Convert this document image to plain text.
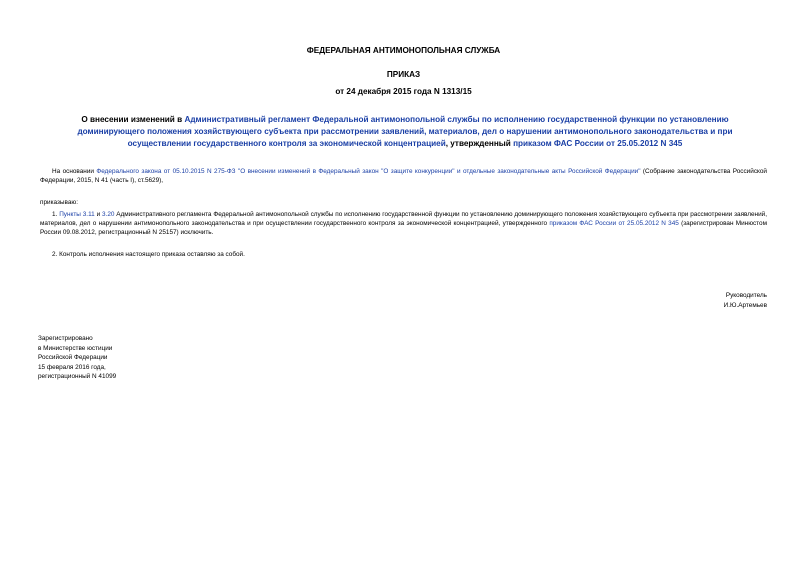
ФЕДЕРАЛЬНАЯ АНТИМОНОПОЛЬНАЯ СЛУЖБА
ПРИКАЗ
от 24 декабря 2015 года N 1313/15
О внесении изменений в Административный регламент Федеральной антимонопольной службы по исполнению государственной функции по установлению доминирующего положения хозяйствующего субъекта при рассмотрении заявлений, материалов, дел о нарушении антимонопольного законодательства и при осуществлении государственного контроля за экономической концентрацией, утвержденный приказом ФАС России от 25.05.2012 N 345
На основании Федерального закона от 05.10.2015 N 275-ФЗ "О внесении изменений в Федеральный закон "О защите конкуренции" и отдельные законодательные акты Российской Федерации" (Собрание законодательства Российской Федерации, 2015, N 41 (часть I), ст.5629),
приказываю:
1. Пункты 3.11 и 3.20 Административного регламента Федеральной антимонопольной службы по исполнению государственной функции по установлению доминирующего положения хозяйствующего субъекта при рассмотрении заявлений, материалов, дел о нарушении антимонопольного законодательства и при осуществлении государственного контроля за экономической концентрацией, утвержденного приказом ФАС России от 25.05.2012 N 345 (зарегистрирован Минюстом России 09.08.2012, регистрационный N 25157) исключить.
2. Контроль исполнения настоящего приказа оставляю за собой.
Руководитель
И.Ю.Артемьев
Зарегистрировано
в Министерстве юстиции
Российской Федерации
15 февраля 2016 года,
регистрационный N 41099
